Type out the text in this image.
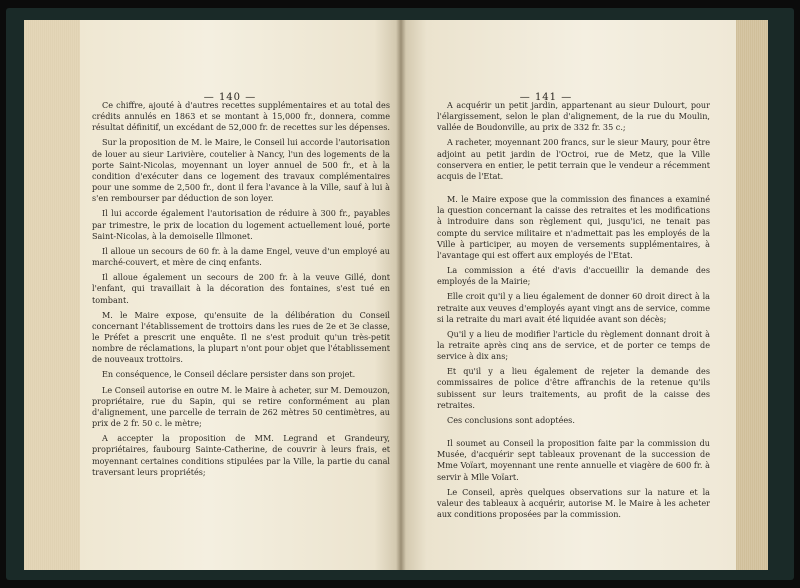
— 140 —	— 141 —

Ce chiffre, ajouté à d'autres recettes supplémentaires et au total des crédits annulés en 1863 et se montant à 15,000 fr., donnera, comme résultat définitif, un excédant de 52,000 fr. de recettes sur les dépenses.

Sur la proposition de M. le Maire, le Conseil lui accorde l'autorisation de louer au sieur Larivière, coutelier à Nancy, l'un des logements de la porte Saint-Nicolas, moyennant un loyer annuel de 500 fr., et à la condition d'exécuter dans ce logement des travaux complémentaires pour une somme de 2,500 fr., dont il fera l'avance à la Ville, sauf à lui à s'en rembourser par déduction de son loyer.

Il lui accorde également l'autorisation de réduire à 300 fr., payables par trimestre, le prix de location du logement actuellement loué, porte Saint-Nicolas, à la demoiselle Illmonet.

Il alloue un secours de 60 fr. à la dame Engel, veuve d'un employé au marché-couvert, et mère de cinq enfants.

Il alloue également un secours de 200 fr. à la veuve Gillé, dont l'enfant, qui travaillait à la décoration des fontaines, s'est tué en tombant.

M. le Maire expose, qu'ensuite de la délibération du Conseil concernant l'établissement de trottoirs dans les rues de 2e et 3e classe, le Préfet a prescrit une enquête. Il ne s'est produit qu'un très-petit nombre de réclamations, la plupart n'ont pour objet que l'établissement de nouveaux trottoirs.

En conséquence, le Conseil déclare persister dans son projet.

Le Conseil autorise en outre M. le Maire à acheter, sur M. Demouzon, propriétaire, rue du Sapin, qui se retire conformément au plan d'alignement, une parcelle de terrain de 262 mètres 50 centimètres, au prix de 2 fr. 50 c. le mètre;

A accepter la proposition de MM. Legrand et Grandeury, propriétaires, faubourg Sainte-Catherine, de couvrir à leurs frais, et moyennant certaines conditions stipulées par la Ville, la partie du canal traversant leurs propriétés;

A acquérir un petit jardin, appartenant au sieur Dulourt, pour l'élargissement, selon le plan d'alignement, de la rue du Moulin, vallée de Boudonville, au prix de 332 fr. 35 c.;

A racheter, moyennant 200 francs, sur le sieur Maury, pour être adjoint au petit jardin de l'Octroi, rue de Metz, que la Ville conservera en entier, le petit terrain que le vendeur a récemment acquis de l'Etat.

M. le Maire expose que la commission des finances a examiné la question concernant la caisse des retraites et les modifications à introduire dans son règlement qui, jusqu'ici, ne tenait pas compte du service militaire et n'admettait pas les employés de la Ville à participer, au moyen de versements supplémentaires, à l'avantage qui est offert aux employés de l'Etat.

La commission a été d'avis d'accueillir la demande des employés de la Mairie;

Elle croit qu'il y a lieu également de donner 60 droit direct à la retraite aux veuves d'employés ayant vingt ans de service, comme si la retraite du mari avait été liquidée avant son décès;

Qu'il y a lieu de modifier l'article du règlement donnant droit à la retraite après cinq ans de service, et de porter ce temps de service à dix ans;

Et qu'il y a lieu également de rejeter la demande des commissaires de police d'être affranchis de la retenue qu'ils subissent sur leurs traitements, au profit de la caisse des retraites.

Ces conclusions sont adoptées.

Il soumet au Conseil la proposition faite par la commission du Musée, d'acquérir sept tableaux provenant de la succession de Mme Voïart, moyennant une rente annuelle et viagère de 600 fr. à servir à Mlle Voïart.

Le Conseil, après quelques observations sur la nature et la valeur des tableaux à acquérir, autorise M. le Maire à les acheter aux conditions proposées par la commission.
